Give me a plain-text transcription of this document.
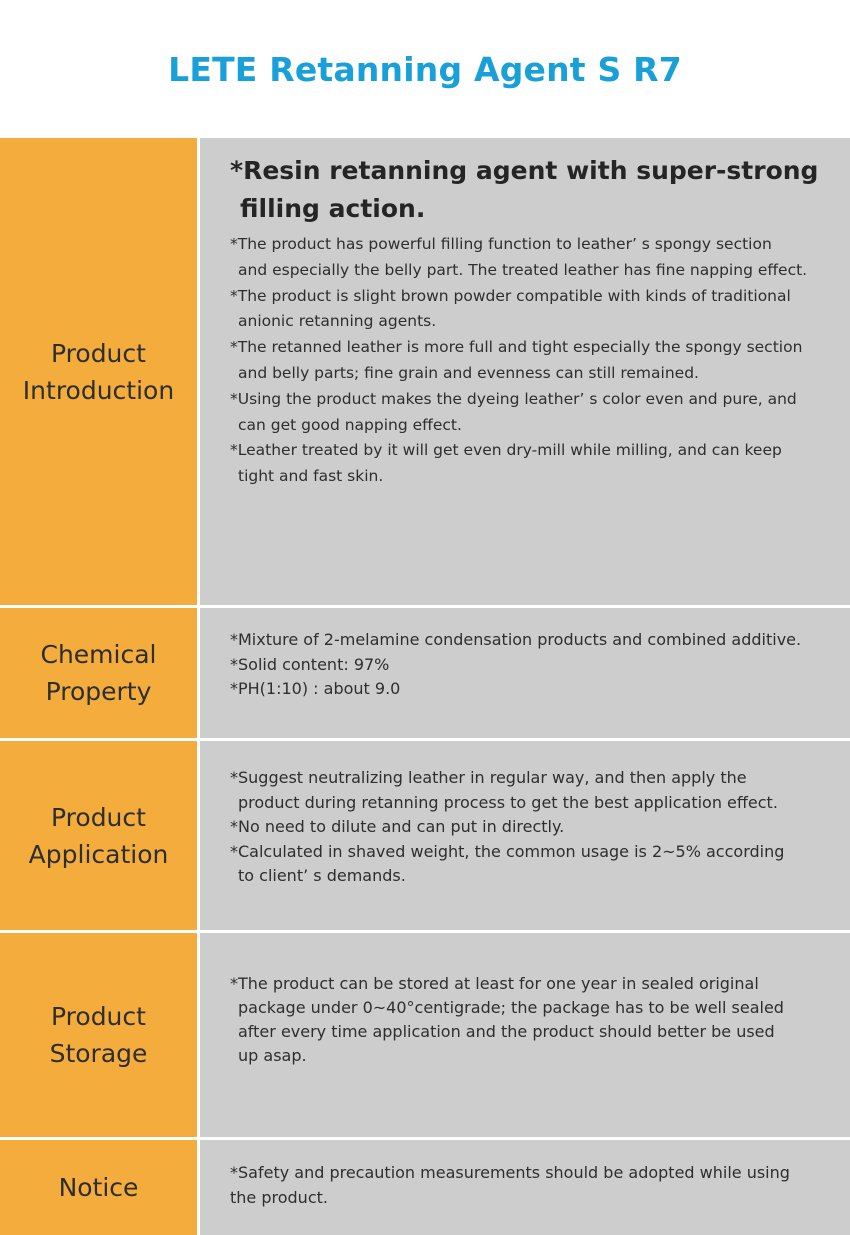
LETE Retanning Agent S R7
Product
Introduction
*Resin retanning agent with super-strong
filling action.

*The product has powerful filling function to leather’ s spongy section
and especially the belly part. The treated leather has fine napping effect.

*The product is slight brown powder compatible with kinds of traditional
anionic retanning agents.

*The retanned leather is more full and tight especially the spongy section
and belly parts; fine grain and evenness can still remained.

*Using the product makes the dyeing leather’ s color even and pure, and
can get good napping effect.

*Leather treated by it will get even dry-mill while milling, and can keep
tight and fast skin.

Chemical
Property
*Mixture of 2-melamine condensation products and combined additive.
*Solid content: 97%
*PH(1:10) : about 9.0
Product
Application

*Suggest neutralizing leather in regular way, and then apply the
product during retanning process to get the best application effect.

*No need to dilute and can put in directly.

*Calculated in shaved weight, the common usage is 2~5% according
to client’ s demands.

Product
Storage

*The product can be stored at least for one year in sealed original
package under 0~40°centigrade; the package has to be well sealed
after every time application and the product should better be used
up asap.

Notice
*Safety and precaution measurements should be adopted while using
the product.
